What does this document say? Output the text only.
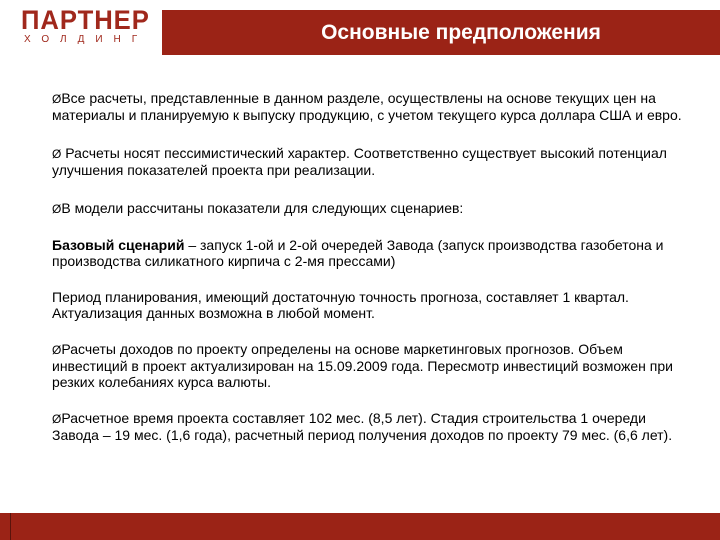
ПАРТНЕР
ХОЛДИНГ	Основные предположения

ØВсе расчеты, представленные в данном разделе, осуществлены на основе текущих цен на материалы и планируемую к выпуску продукцию, с учетом текущего курса доллара США и евро.

Ø Расчеты носят пессимистический характер. Соответственно существует высокий потенциал улучшения показателей проекта при реализации.

ØВ модели рассчитаны показатели для следующих сценариев:

Базовый сценарий – запуск 1-ой и 2-ой очередей Завода (запуск производства газобетона и производства силикатного кирпича с 2-мя прессами)

Период планирования, имеющий достаточную точность прогноза, составляет 1 квартал. Актуализация данных возможна в любой момент.

ØРасчеты доходов по проекту определены на основе маркетинговых прогнозов. Объем инвестиций в проект актуализирован на 15.09.2009 года. Пересмотр инвестиций возможен при резких колебаниях курса валюты.

ØРасчетное время проекта составляет 102 мес. (8,5 лет). Стадия строительства 1 очереди Завода – 19 мес. (1,6 года), расчетный период получения доходов по проекту 79 мес. (6,6 лет).
